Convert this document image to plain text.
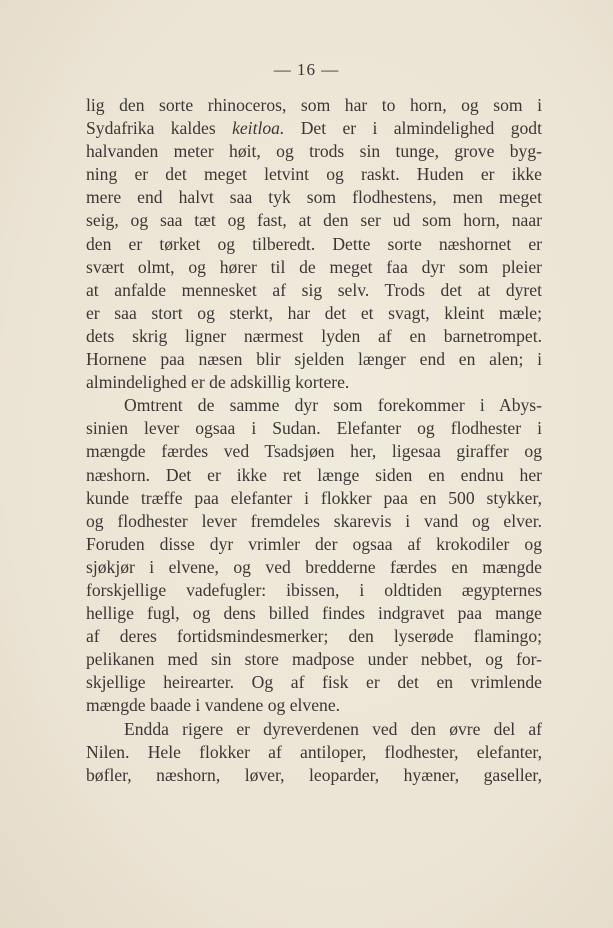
— 16 —
lig den sorte rhinoceros, som har to horn, og som i
Sydafrika kaldes keitloa. Det er i almindelighed godt
halvanden meter høit, og trods sin tunge, grove byg-
ning er det meget letvint og raskt. Huden er ikke
mere end halvt saa tyk som flodhestens, men meget
seig, og saa tæt og fast, at den ser ud som horn, naar
den er tørket og tilberedt. Dette sorte næshornet er
svært olmt, og hører til de meget faa dyr som pleier
at anfalde mennesket af sig selv. Trods det at dyret
er saa stort og sterkt, har det et svagt, kleint mæle;
dets skrig ligner nærmest lyden af en barnetrompet.
Hornene paa næsen blir sjelden længer end en alen; i
almindelighed er de adskillig kortere.
Omtrent de samme dyr som forekommer i Abys-
sinien lever ogsaa i Sudan. Elefanter og flodhester i
mængde færdes ved Tsadsjøen her, ligesaa giraffer og
næshorn. Det er ikke ret længe siden en endnu her
kunde træffe paa elefanter i flokker paa en 500 stykker,
og flodhester lever fremdeles skarevis i vand og elver.
Foruden disse dyr vrimler der ogsaa af krokodiler og
sjøkjør i elvene, og ved bredderne færdes en mængde
forskjellige vadefugler: ibissen, i oldtiden ægypternes
hellige fugl, og dens billed findes indgravet paa mange
af deres fortidsmindesmerker; den lyserøde flamingo;
pelikanen med sin store madpose under nebbet, og for-
skjellige heirearter. Og af fisk er det en vrimlende
mængde baade i vandene og elvene.
Endda rigere er dyreverdenen ved den øvre del af
Nilen. Hele flokker af antiloper, flodhester, elefanter,
bøfler, næshorn, løver, leoparder, hyæner, gaseller,
